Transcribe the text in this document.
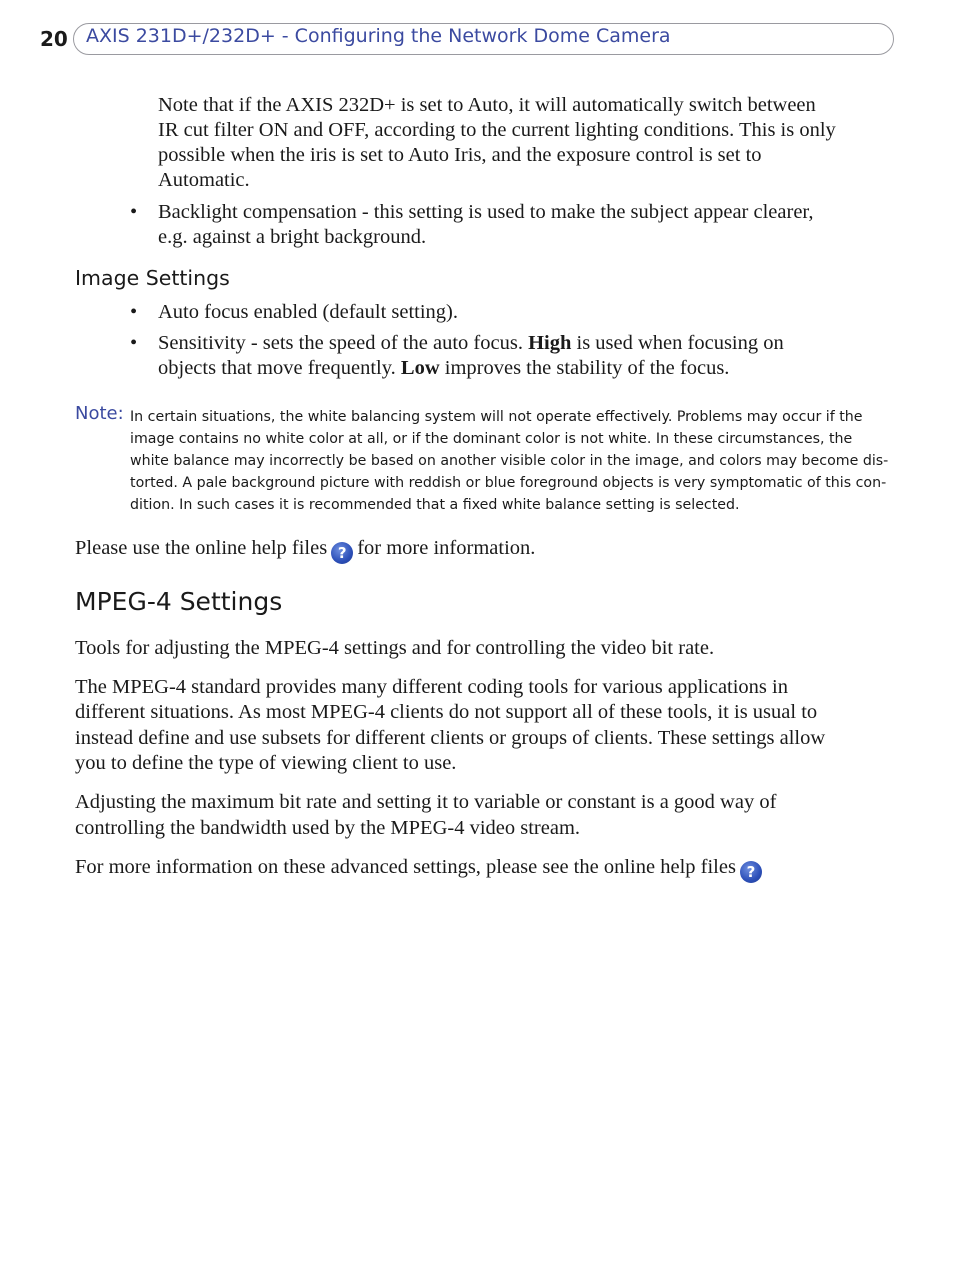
20 AXIS 231D+/232D+ - Configuring the Network Dome Camera
Note that if the AXIS 232D+ is set to Auto, it will automatically switch between
IR cut filter ON and OFF, according to the current lighting conditions. This is only
possible when the iris is set to Auto Iris, and the exposure control is set to
Automatic.
• Backlight compensation - this setting is used to make the subject appear clearer,
e.g. against a bright background.
Image Settings
• Auto focus enabled (default setting).
• Sensitivity - sets the speed of the auto focus. High is used when focusing on
objects that move frequently. Low improves the stability of the focus.
Note: In certain situations, the white balancing system will not operate effectively. Problems may occur if the
image contains no white color at all, or if the dominant color is not white. In these circumstances, the
white balance may incorrectly be based on another visible color in the image, and colors may become dis-
torted. A pale background picture with reddish or blue foreground objects is very symptomatic of this con-
dition. In such cases it is recommended that a fixed white balance setting is selected.
Please use the online help files ? for more information.
MPEG-4 Settings
Tools for adjusting the MPEG-4 settings and for controlling the video bit rate.
The MPEG-4 standard provides many different coding tools for various applications in
different situations. As most MPEG-4 clients do not support all of these tools, it is usual to
instead define and use subsets for different clients or groups of clients. These settings allow
you to define the type of viewing client to use.
Adjusting the maximum bit rate and setting it to variable or constant is a good way of
controlling the bandwidth used by the MPEG-4 video stream.
For more information on these advanced settings, please see the online help files ?
